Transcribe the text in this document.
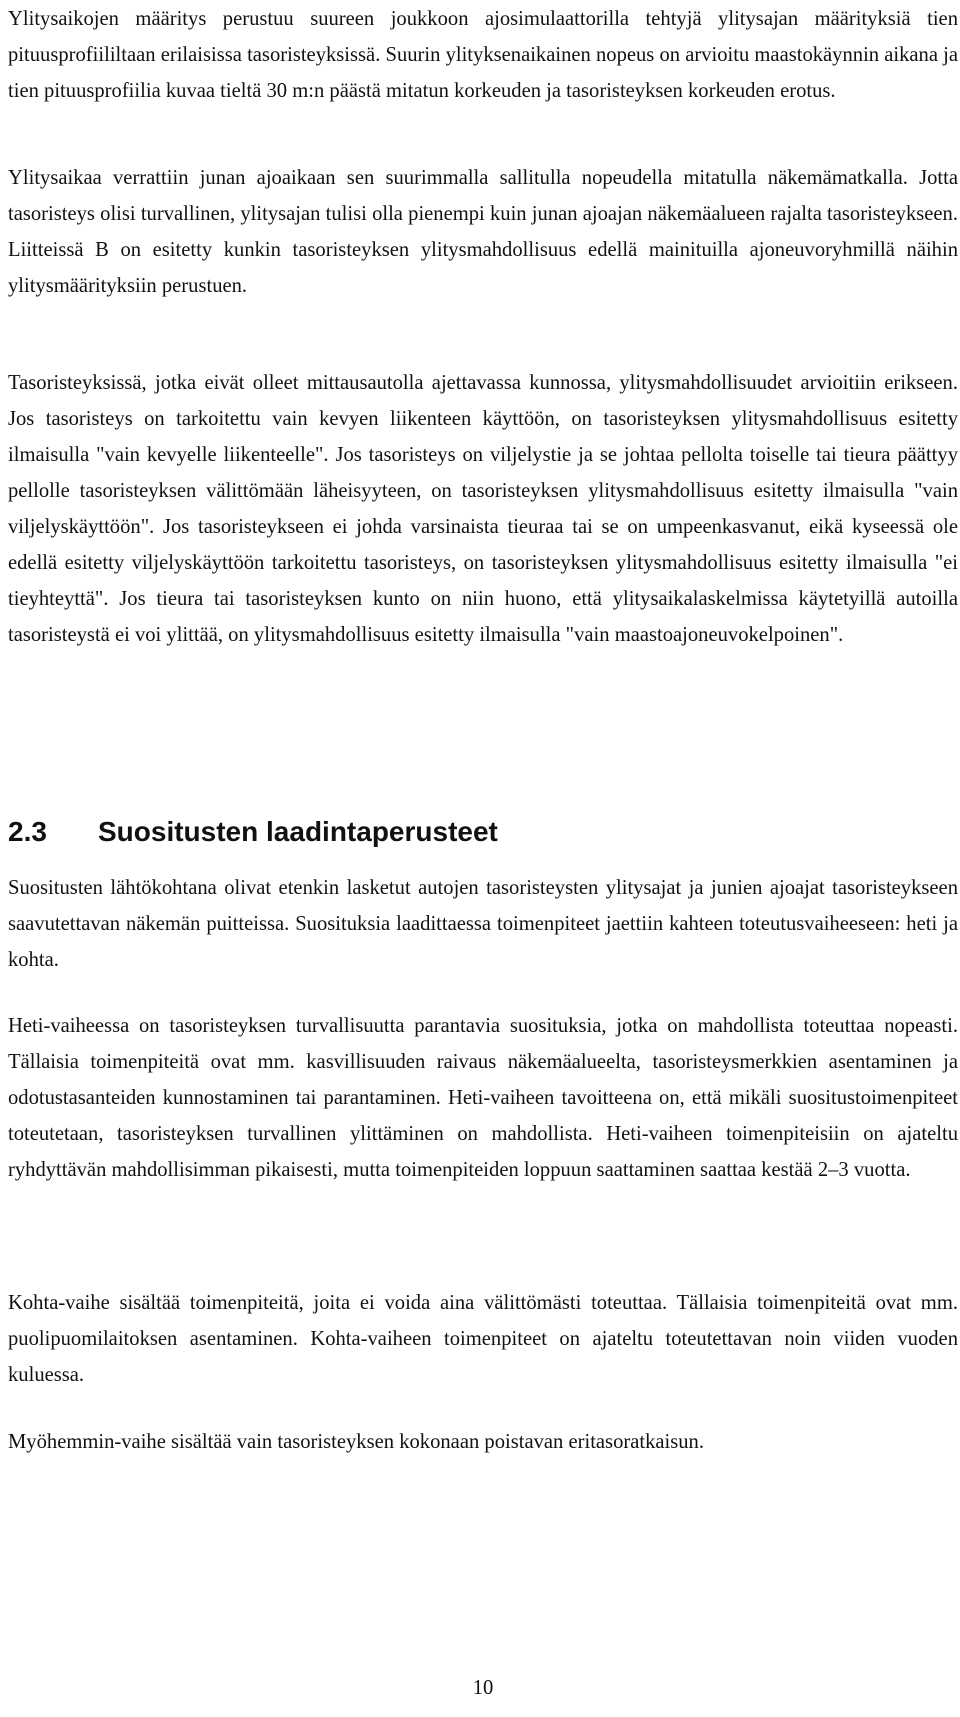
Ylitysaikojen määritys perustuu suureen joukkoon ajosimulaattorilla tehtyjä ylitysajan määrityksiä tien pituusprofiililtaan erilaisissa tasoristeyksissä. Suurin ylityksenaikainen nopeus on arvioitu maastokäynnin aikana ja tien pituusprofiilia kuvaa tieltä 30 m:n päästä mitatun korkeuden ja tasoristeyksen korkeuden erotus.

Ylitysaikaa verrattiin junan ajoaikaan sen suurimmalla sallitulla nopeudella mitatulla näkemämatkalla. Jotta tasoristeys olisi turvallinen, ylitysajan tulisi olla pienempi kuin junan ajoajan näkemäalueen rajalta tasoristeykseen. Liitteissä B on esitetty kunkin tasoristeyksen ylitysmahdollisuus edellä mainituilla ajoneuvoryhmillä näihin ylitysmäärityksiin perustuen.

Tasoristeyksissä, jotka eivät olleet mittausautolla ajettavassa kunnossa, ylitysmahdollisuudet arvioitiin erikseen. Jos tasoristeys on tarkoitettu vain kevyen liikenteen käyttöön, on tasoristeyksen ylitysmahdollisuus esitetty ilmaisulla "vain kevyelle liikenteelle". Jos tasoristeys on viljelystie ja se johtaa pellolta toiselle tai tieura päättyy pellolle tasoristeyksen välittömään läheisyyteen, on tasoristeyksen ylitysmahdollisuus esitetty ilmaisulla "vain viljelyskäyttöön". Jos tasoristeykseen ei johda varsinaista tieuraa tai se on umpeenkasvanut, eikä kyseessä ole edellä esitetty viljelyskäyttöön tarkoitettu tasoristeys, on tasoristeyksen ylitysmahdollisuus esitetty ilmaisulla "ei tieyhteyttä". Jos tieura tai tasoristeyksen kunto on niin huono, että ylitysaikalaskelmissa käytetyillä autoilla tasoristeystä ei voi ylittää, on ylitysmahdollisuus esitetty ilmaisulla "vain maastoajoneuvokelpoinen".

2.3 Suositusten laadintaperusteet

Suositusten lähtökohtana olivat etenkin lasketut autojen tasoristeysten ylitysajat ja junien ajoajat tasoristeykseen saavutettavan näkemän puitteissa. Suosituksia laadittaessa toimenpiteet jaettiin kahteen toteutusvaiheeseen: heti ja kohta.

Heti-vaiheessa on tasoristeyksen turvallisuutta parantavia suosituksia, jotka on mahdollista toteuttaa nopeasti. Tällaisia toimenpiteitä ovat mm. kasvillisuuden raivaus näkemäalueelta, tasoristeysmerkkien asentaminen ja odotustasanteiden kunnostaminen tai parantaminen. Heti-vaiheen tavoitteena on, että mikäli suositustoimenpiteet toteutetaan, tasoristeyksen turvallinen ylittäminen on mahdollista. Heti-vaiheen toimenpiteisiin on ajateltu ryhdyttävän mahdollisimman pikaisesti, mutta toimenpiteiden loppuun saattaminen saattaa kestää 2–3 vuotta.

Kohta-vaihe sisältää toimenpiteitä, joita ei voida aina välittömästi toteuttaa. Tällaisia toimenpiteitä ovat mm. puolipuomilaitoksen asentaminen. Kohta-vaiheen toimenpiteet on ajateltu toteutettavan noin viiden vuoden kuluessa.

Myöhemmin-vaihe sisältää vain tasoristeyksen kokonaan poistavan eritasoratkaisun.

10
